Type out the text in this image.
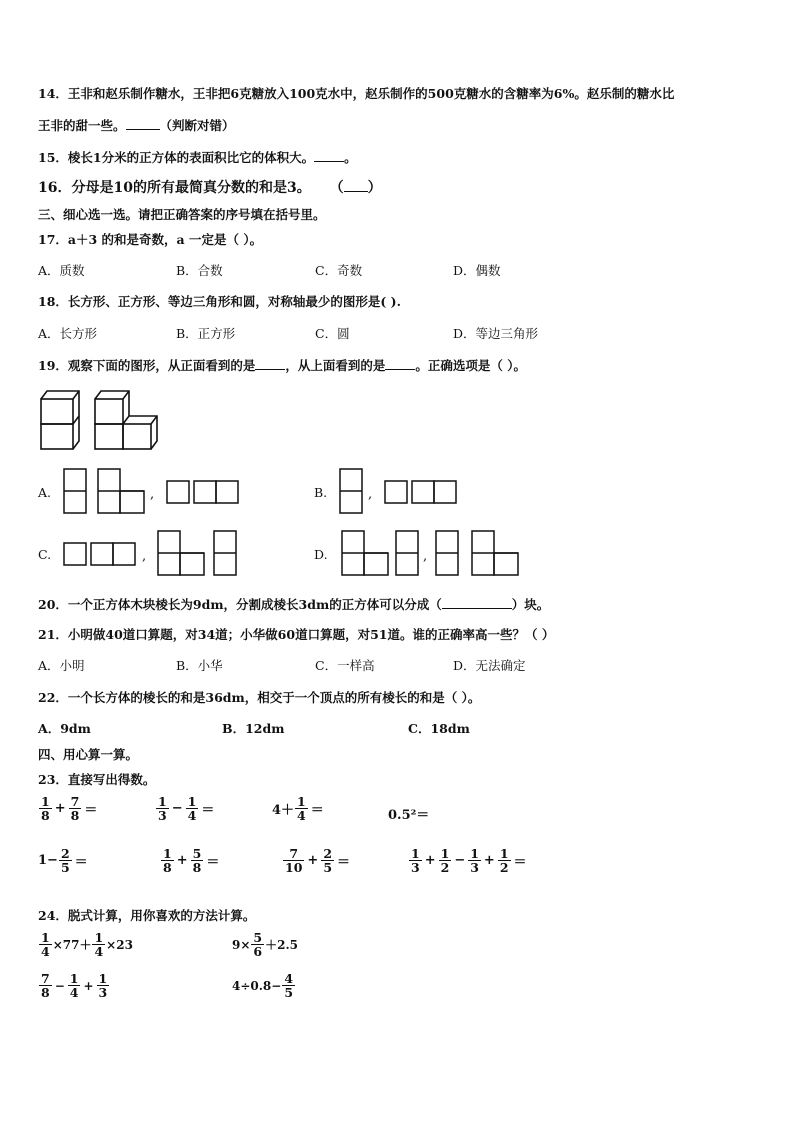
14．王非和赵乐制作糖水，王非把6克糖放入100克水中，赵乐制作的500克糖水的含糖率为6%。赵乐制的糖水比
王非的甜一些。	（判断对错）
15．棱长1分米的正方体的表面积比它的体积大。 。
16．分母是10的所有最简真分数的和是3。 （ ）
三、细心选一选。请把正确答案的序号填在括号里。
17．a＋3 的和是奇数，a 一定是（ ）。
A．质数	B．合数	C．奇数	D．偶数
18．长方形、正方形、等边三角形和圆，对称轴最少的图形是( ).
A．长方形	B．正方形	C．圆	D．等边三角形
19．观察下面的图形，从正面看到的是 ，从上面看到的是 。正确选项是（ ）。
A.	,	B.	,
C.	,	D.	,
20．一个正方体木块棱长为9dm，分割成棱长3dm的正方体可以分成（	）块。
21．小明做40道口算题，对34道；小华做60道口算题，对51道。谁的正确率高一些？（ ）
A．小明	B．小华	C．一样高	D．无法确定
22．一个长方体的棱长的和是36dm，相交于一个顶点的所有棱长的和是（ ）。
A．9dm	B．12dm	C．18dm
四、用心算一算。
23．直接写出得数。
$\frac{1}{8} + \frac{7}{8}$ ＝	$\frac{1}{3} - \frac{1}{4}$ ＝	$4+ \frac{1}{4}$ ＝	0.5²＝
$1- \frac{2}{5}$ ＝	$\frac{1}{8} + \frac{5}{8}$ ＝	$\frac{7}{10} + \frac{2}{5}$ ＝	$\frac{1}{3} + \frac{1}{2} - \frac{1}{3} + \frac{1}{2}$ ＝
24．脱式计算，用你喜欢的方法计算。
$\frac{1}{4} \times 77+ \frac{1}{4} \times 23$	$9\times \frac{5}{6} +2.5$
$\frac{7}{8} - \frac{1}{4} + \frac{1}{3}$	$4\div 0.8- \frac{4}{5}$
